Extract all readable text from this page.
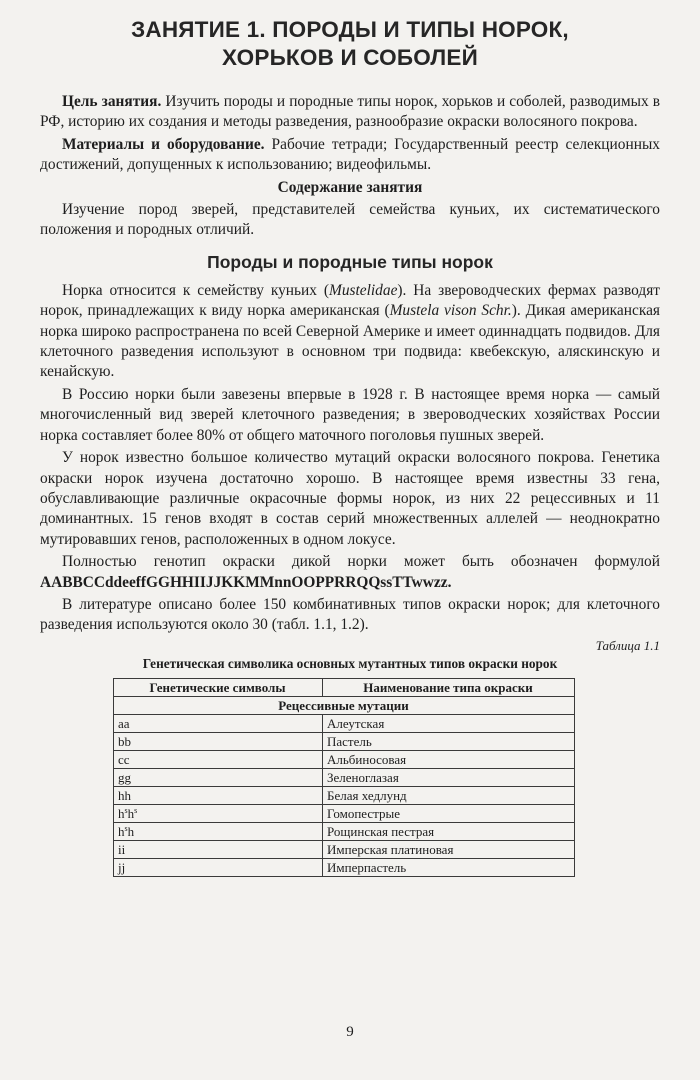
ЗАНЯТИЕ 1. ПОРОДЫ И ТИПЫ НОРОК,
ХОРЬКОВ И СОБОЛЕЙ

Цель занятия. Изучить породы и породные типы норок, хорьков и соболей, разводимых в РФ, историю их создания и методы разведения, разнообразие окраски волосяного покрова.

Материалы и оборудование. Рабочие тетради; Государственный реестр селекционных достижений, допущенных к использованию; видеофильмы.

Содержание занятия

Изучение пород зверей, представителей семейства куньих, их систематического положения и породных отличий.

Породы и породные типы норок

Норка относится к семейству куньих (Mustelidae). На звероводческих фермах разводят норок, принадлежащих к виду норка американская (Mustela vison Schr.). Дикая американская норка широко распространена по всей Северной Америке и имеет одиннадцать подвидов. Для клеточного разведения используют в основном три подвида: квебекскую, аляскинскую и кенайскую.

В Россию норки были завезены впервые в 1928 г. В настоящее время норка — самый многочисленный вид зверей клеточного разведения; в звероводческих хозяйствах России норка составляет более 80% от общего маточного поголовья пушных зверей.

У норок известно большое количество мутаций окраски волосяного покрова. Генетика окраски норок изучена достаточно хорошо. В настоящее время известны 33 гена, обуславливающие различные окрасочные формы норок, из них 22 рецессивных и 11 доминантных. 15 генов входят в состав серий множественных аллелей — неоднократно мутировавших генов, расположенных в одном локусе.

Полностью генотип окраски дикой норки может быть обозначен формулой AABBCCddeeffGGHHIIJJKKMMnnOOPPRRQQssTTwwzz.

В литературе описано более 150 комбинативных типов окраски норок; для клеточного разведения используются около 30 (табл. 1.1, 1.2).

Таблица 1.1

Генетическая символика основных мутантных типов окраски норок

Генетические символы	Наименование типа окраски
Рецессивные мутации	
aa	Алеутская
bb	Пастель
cc	Альбиносовая
gg	Зеленоглазая
hh	Белая хедлунд
$h^sh^s$	Гомопестрые
$h^sh$	Рощинская пестрая
ii	Имперская платиновая
jj	Имперпастель
9
